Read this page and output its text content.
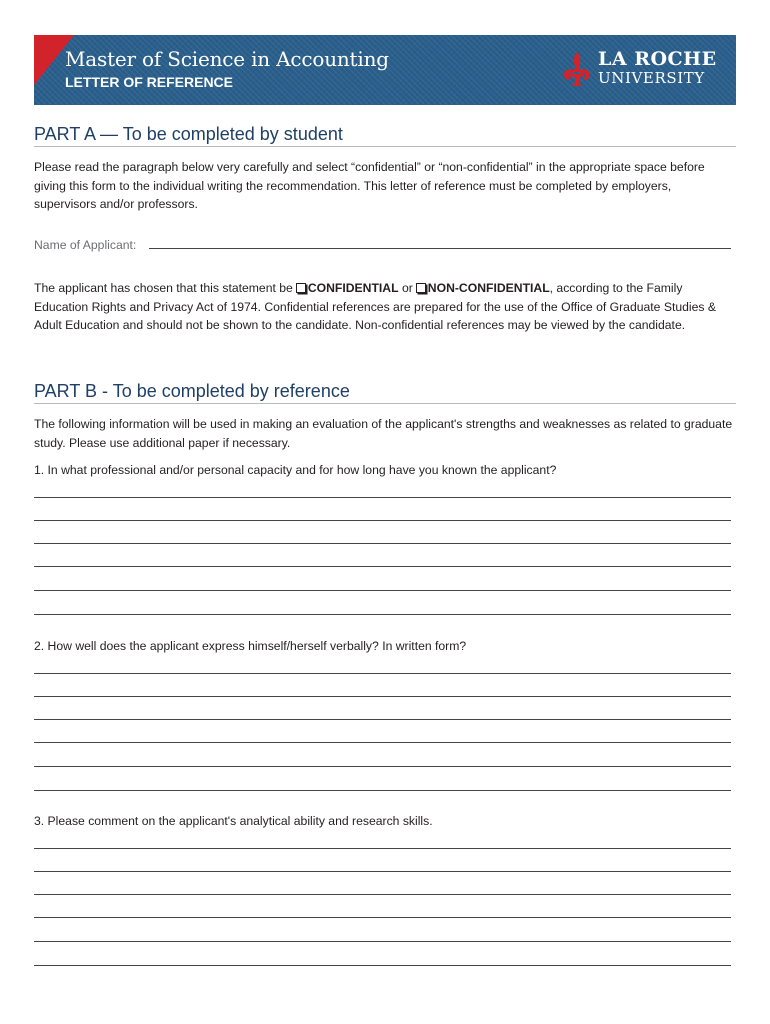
Master of Science in Accounting
LETTER OF REFERENCE
LA ROCHE
UNIVERSITY
PART A — To be completed by student
Please read the paragraph below very carefully and select “confidential” or “non-confidential” in the appropriate space before giving this form to the individual writing the recommendation. This letter of reference must be completed by employers, supervisors and/or professors.
Name of Applicant:
The applicant has chosen that this statement be CONFIDENTIAL or NON-CONFIDENTIAL, according to the Family Education Rights and Privacy Act of 1974. Confidential references are prepared for the use of the Office of Graduate Studies & Adult Education and should not be shown to the candidate. Non-confidential references may be viewed by the candidate.
PART B - To be completed by reference
The following information will be used in making an evaluation of the applicant's strengths and weaknesses as related to graduate study. Please use additional paper if necessary.
1. In what professional and/or personal capacity and for how long have you known the applicant?
2. How well does the applicant express himself/herself verbally? In written form?
3. Please comment on the applicant's analytical ability and research skills.
